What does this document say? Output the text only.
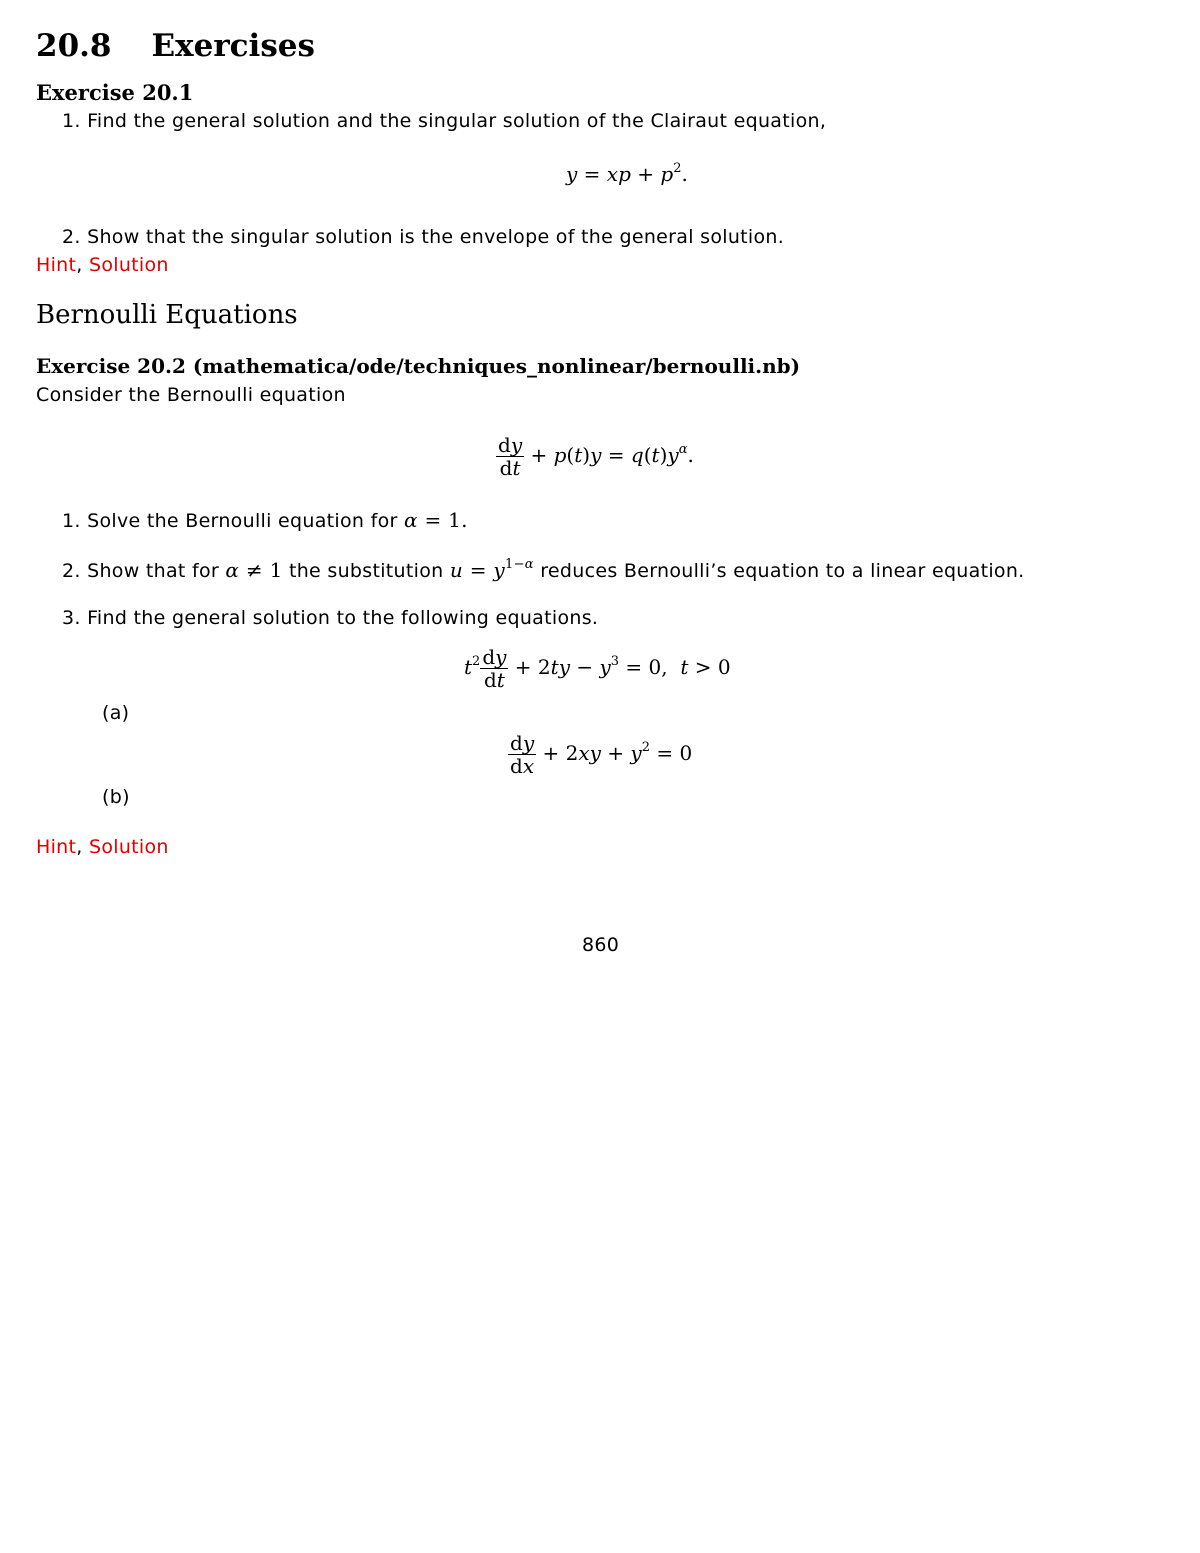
20.8 Exercises
Exercise 20.1
1. Find the general solution and the singular solution of the Clairaut equation,
y = xp + $p^2$.
2. Show that the singular solution is the envelope of the general solution.
Hint, Solution
Bernoulli Equations
Exercise 20.2 (mathematica/ode/techniques_nonlinear/bernoulli.nb)
Consider the Bernoulli equation
$\frac{dy}{dt} + p(t)y = q(t)y^\alpha$.
1. Solve the Bernoulli equation for α = 1.
2. Show that for α ≠ 1 the substitution $u = y^{1-\alpha}$ reduces Bernoulli’s equation to a linear equation.
3. Find the general solution to the following equations.
$t^2 \frac{dy}{dt} + 2ty - y^3 = 0$,  t > 0
(a)
$\frac{dy}{dx} + 2xy + y^2 = 0$
(b)
Hint, Solution
860
